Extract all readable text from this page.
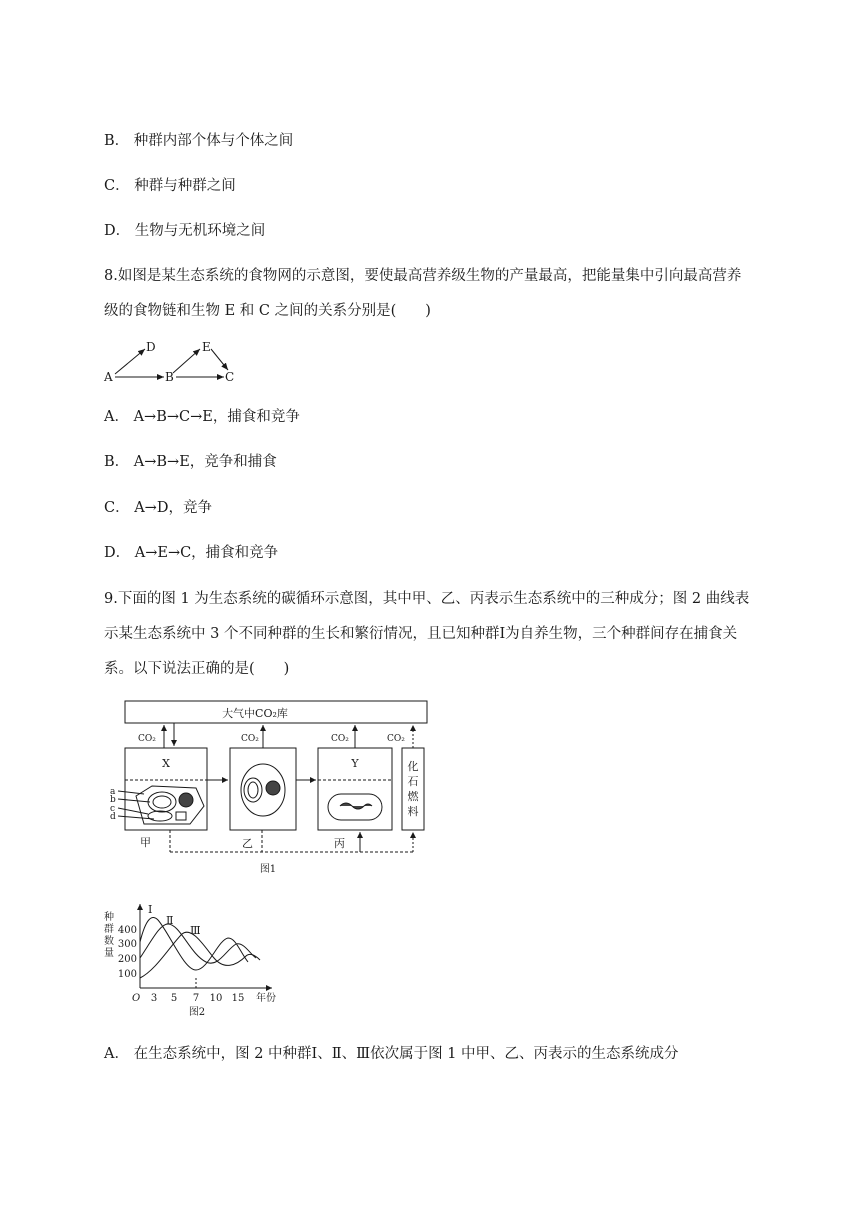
B． 种群内部个体与个体之间
C． 种群与种群之间
D． 生物与无机环境之间
8.如图是某生态系统的食物网的示意图，要使最高营养级生物的产量最高，把能量集中引向最高营养级的食物链和生物 E 和 C 之间的关系分别是(　　)
A	B	C
D	E
A． A→B→C→E，捕食和竞争
B． A→B→E，竞争和捕食
C． A→D，竞争
D． A→E→C，捕食和竞争
9.下面的图 1 为生态系统的碳循环示意图，其中甲、乙、丙表示生态系统中的三种成分；图 2 曲线表示某生态系统中 3 个不同种群的生长和繁衍情况，且已知种群Ⅰ为自养生物，三个种群间存在捕食关系。以下说法正确的是(　　)
大气中CO₂库
CO₂	CO₂	CO₂	CO₂
X	Y	化
石
燃
料
a
b
c
d
甲	乙	丙
图1
种
群
数
量
400
300
200
100
O 3 5 7 10 15 年份
Ⅰ
Ⅱ
Ⅲ
图2
A． 在生态系统中，图 2 中种群Ⅰ、Ⅱ、Ⅲ依次属于图 1 中甲、乙、丙表示的生态系统成分
